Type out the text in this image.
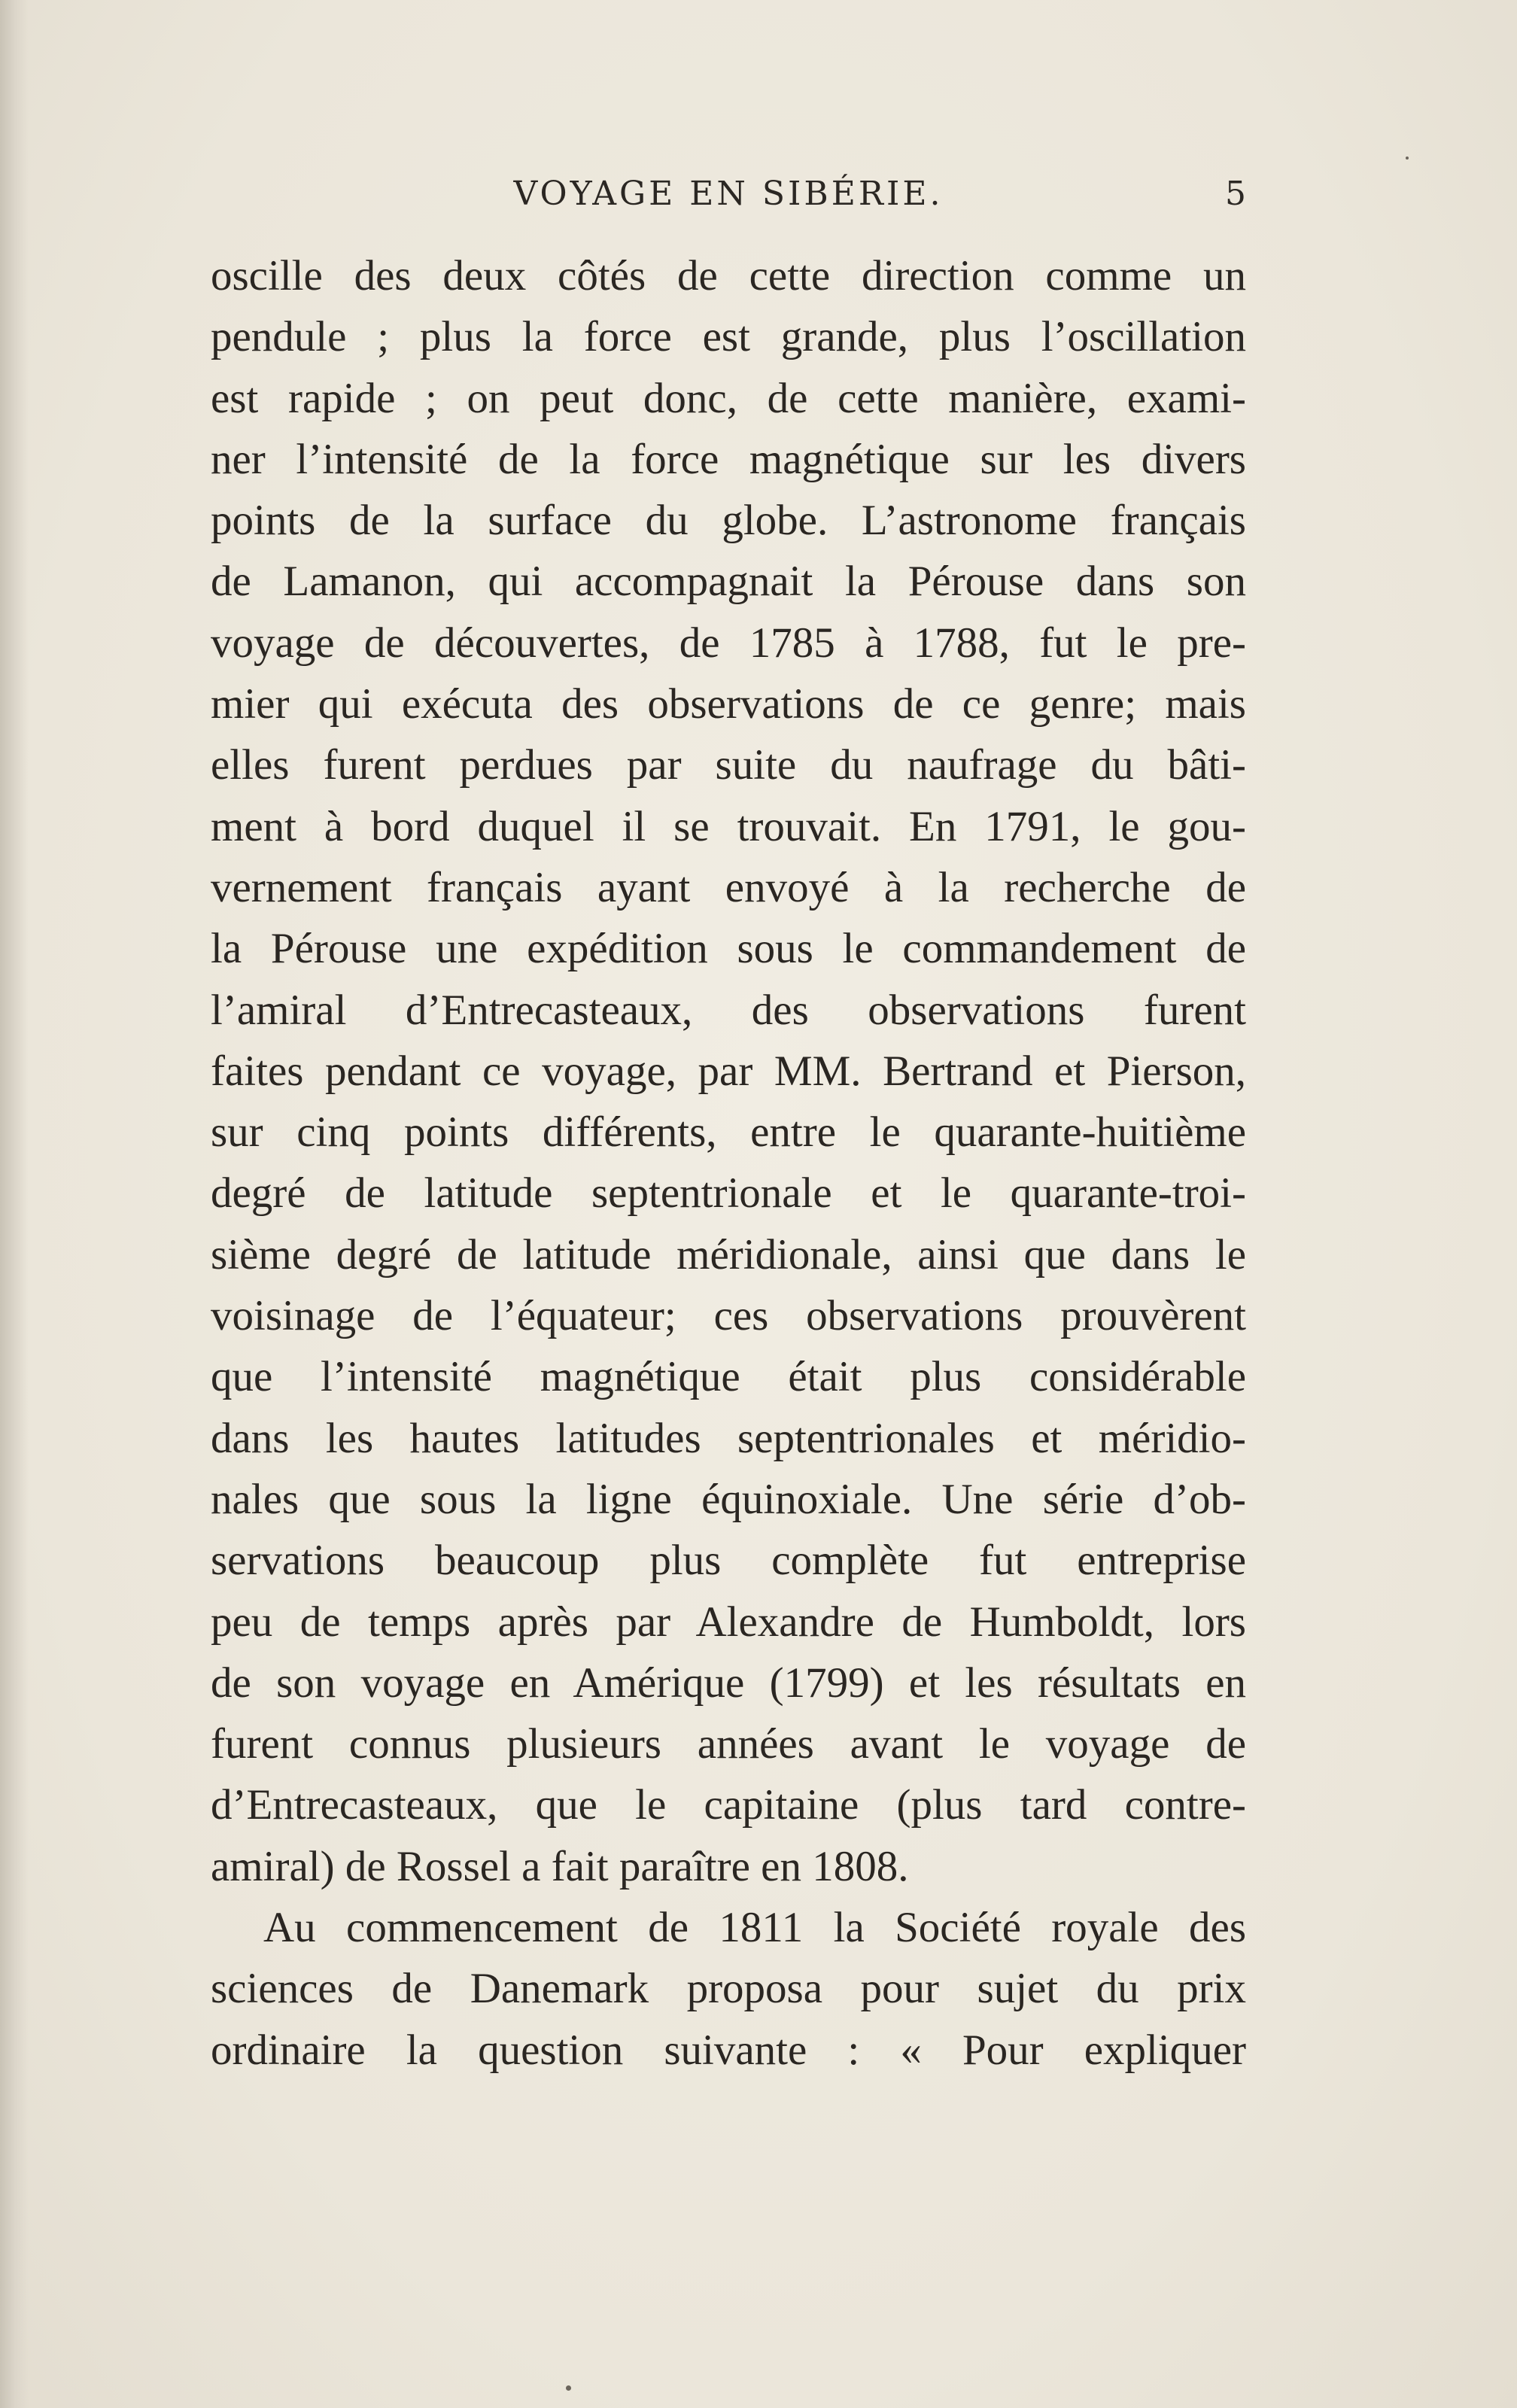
VOYAGE EN SIBÉRIE.	5
oscille des deux côtés de cette direction comme un
pendule ; plus la force est grande, plus l’oscillation
est rapide ; on peut donc, de cette manière, exami-
ner l’intensité de la force magnétique sur les divers
points de la surface du globe. L’astronome français
de Lamanon, qui accompagnait la Pérouse dans son
voyage de découvertes, de 1785 à 1788, fut le pre-
mier qui exécuta des observations de ce genre; mais
elles furent perdues par suite du naufrage du bâti-
ment à bord duquel il se trouvait. En 1791, le gou-
vernement français ayant envoyé à la recherche de
la Pérouse une expédition sous le commandement de
l’amiral d’Entrecasteaux, des observations furent
faites pendant ce voyage, par MM. Bertrand et Pierson,
sur cinq points différents, entre le quarante-huitième
degré de latitude septentrionale et le quarante-troi-
sième degré de latitude méridionale, ainsi que dans le
voisinage de l’équateur; ces observations prouvèrent
que l’intensité magnétique était plus considérable
dans les hautes latitudes septentrionales et méridio-
nales que sous la ligne équinoxiale. Une série d’ob-
servations beaucoup plus complète fut entreprise
peu de temps après par Alexandre de Humboldt, lors
de son voyage en Amérique (1799) et les résultats en
furent connus plusieurs années avant le voyage de
d’Entrecasteaux, que le capitaine (plus tard contre-
amiral) de Rossel a fait paraître en 1808.
Au commencement de 1811 la Société royale des
sciences de Danemark proposa pour sujet du prix
ordinaire la question suivante : « Pour expliquer
